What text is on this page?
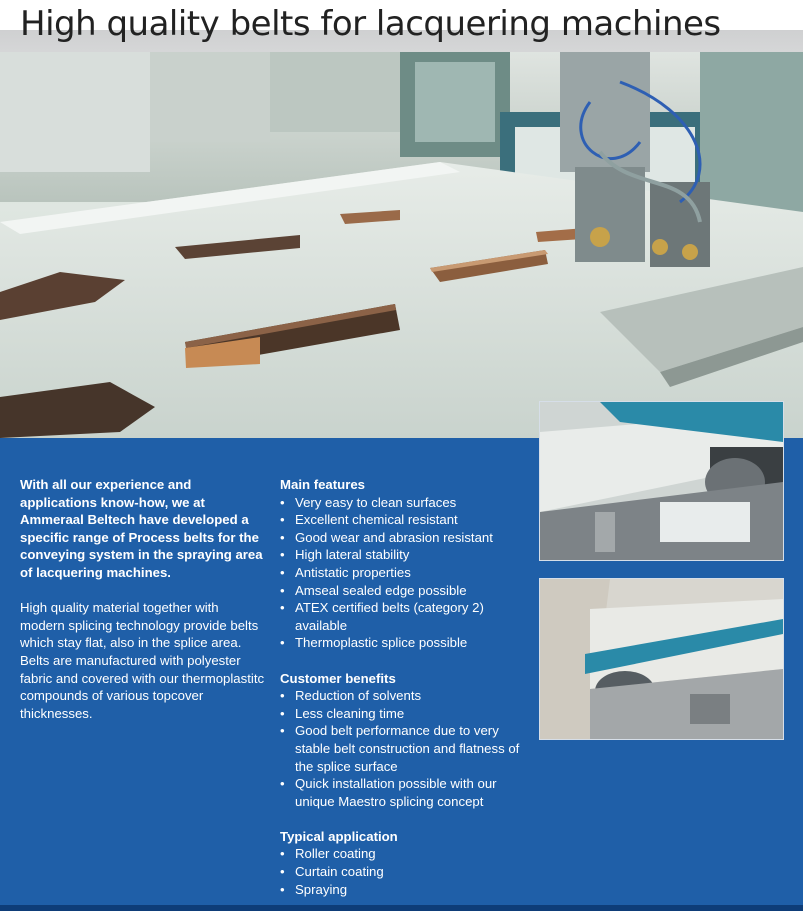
High quality belts for lacquering machines

With all our experience and applications know-how, we at Ammeraal Beltech have developed a specific range of Process belts for the conveying system in the spraying area of lacquering machines.

High quality material together with modern splicing technology provide belts which stay flat, also in the splice area. Belts are manufactured with polyester fabric and covered with our thermoplastitc compounds of various topcover thicknesses.

Main features

• Very easy to clean surfaces
• Excellent chemical resistant
• Good wear and abrasion resistant
• High lateral stability
• Antistatic properties
• Amseal sealed edge possible
• ATEX certified belts (category 2) available
• Thermoplastic splice possible

Customer benefits

• Reduction of solvents
• Less cleaning time
• Good belt performance due to very stable belt construction and flatness of the splice surface
• Quick installation possible with our unique Maestro splicing concept

Typical application

• Roller coating
• Curtain coating
• Spraying
